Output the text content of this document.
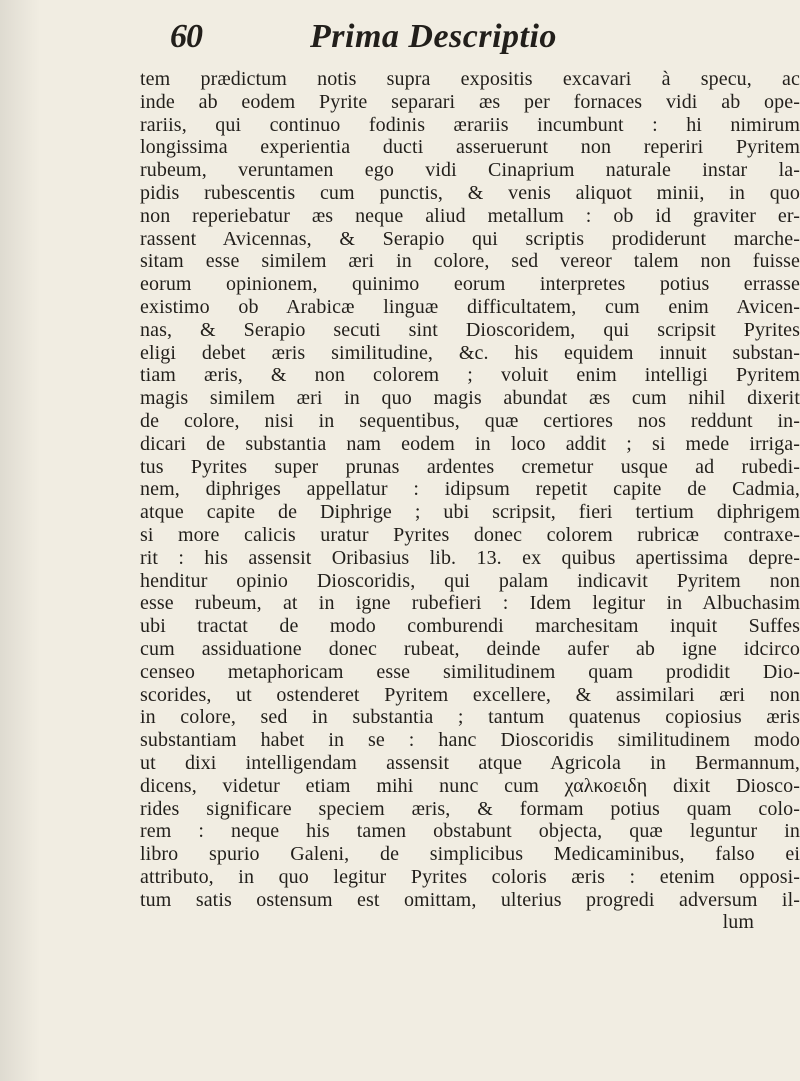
60	Prima Descriptio
tem prædictum notis supra expositis excavari à specu, ac
inde ab eodem Pyrite separari æs per fornaces vidi ab ope-
rariis, qui continuo fodinis ærariis incumbunt : hi nimirum
longissima experientia ducti asseruerunt non reperiri Pyritem
rubeum, veruntamen ego vidi Cinaprium naturale instar la-
pidis rubescentis cum punctis, & venis aliquot minii, in quo
non reperiebatur æs neque aliud metallum : ob id graviter er-
rassent Avicennas, & Serapio qui scriptis prodiderunt marche-
sitam esse similem æri in colore, sed vereor talem non fuisse
eorum opinionem, quinimo eorum interpretes potius errasse
existimo ob Arabicæ linguæ difficultatem, cum enim Avicen-
nas, & Serapio secuti sint Dioscoridem, qui scripsit Pyrites
eligi debet æris similitudine, &c. his equidem innuit substan-
tiam æris, & non colorem ; voluit enim intelligi Pyritem
magis similem æri in quo magis abundat æs cum nihil dixerit
de colore, nisi in sequentibus, quæ certiores nos reddunt in-
dicari de substantia nam eodem in loco addit ; si mede irriga-
tus Pyrites super prunas ardentes cremetur usque ad rubedi-
nem, diphriges appellatur : idipsum repetit capite de Cadmia,
atque capite de Diphrige ; ubi scripsit, fieri tertium diphrigem
si more calicis uratur Pyrites donec colorem rubricæ contraxe-
rit : his assensit Oribasius lib. 13. ex quibus apertissima depre-
henditur opinio Dioscoridis, qui palam indicavit Pyritem non
esse rubeum, at in igne rubefieri : Idem legitur in Albuchasim
ubi tractat de modo comburendi marchesitam inquit Suffes
cum assiduatione donec rubeat, deinde aufer ab igne idcirco
censeo metaphoricam esse similitudinem quam prodidit Dio-
scorides, ut ostenderet Pyritem excellere, & assimilari æri non
in colore, sed in substantia ; tantum quatenus copiosius æris
substantiam habet in se : hanc Dioscoridis similitudinem modo
ut dixi intelligendam assensit atque Agricola in Bermannum,
dicens, videtur etiam mihi nunc cum χαλκοειδη dixit Diosco-
rides significare speciem æris, & formam potius quam colo-
rem : neque his tamen obstabunt objecta, quæ leguntur in
libro spurio Galeni, de simplicibus Medicaminibus, falso ei
attributo, in quo legitur Pyrites coloris æris : etenim opposi-
tum satis ostensum est omittam, ulterius progredi adversum il-
lum
